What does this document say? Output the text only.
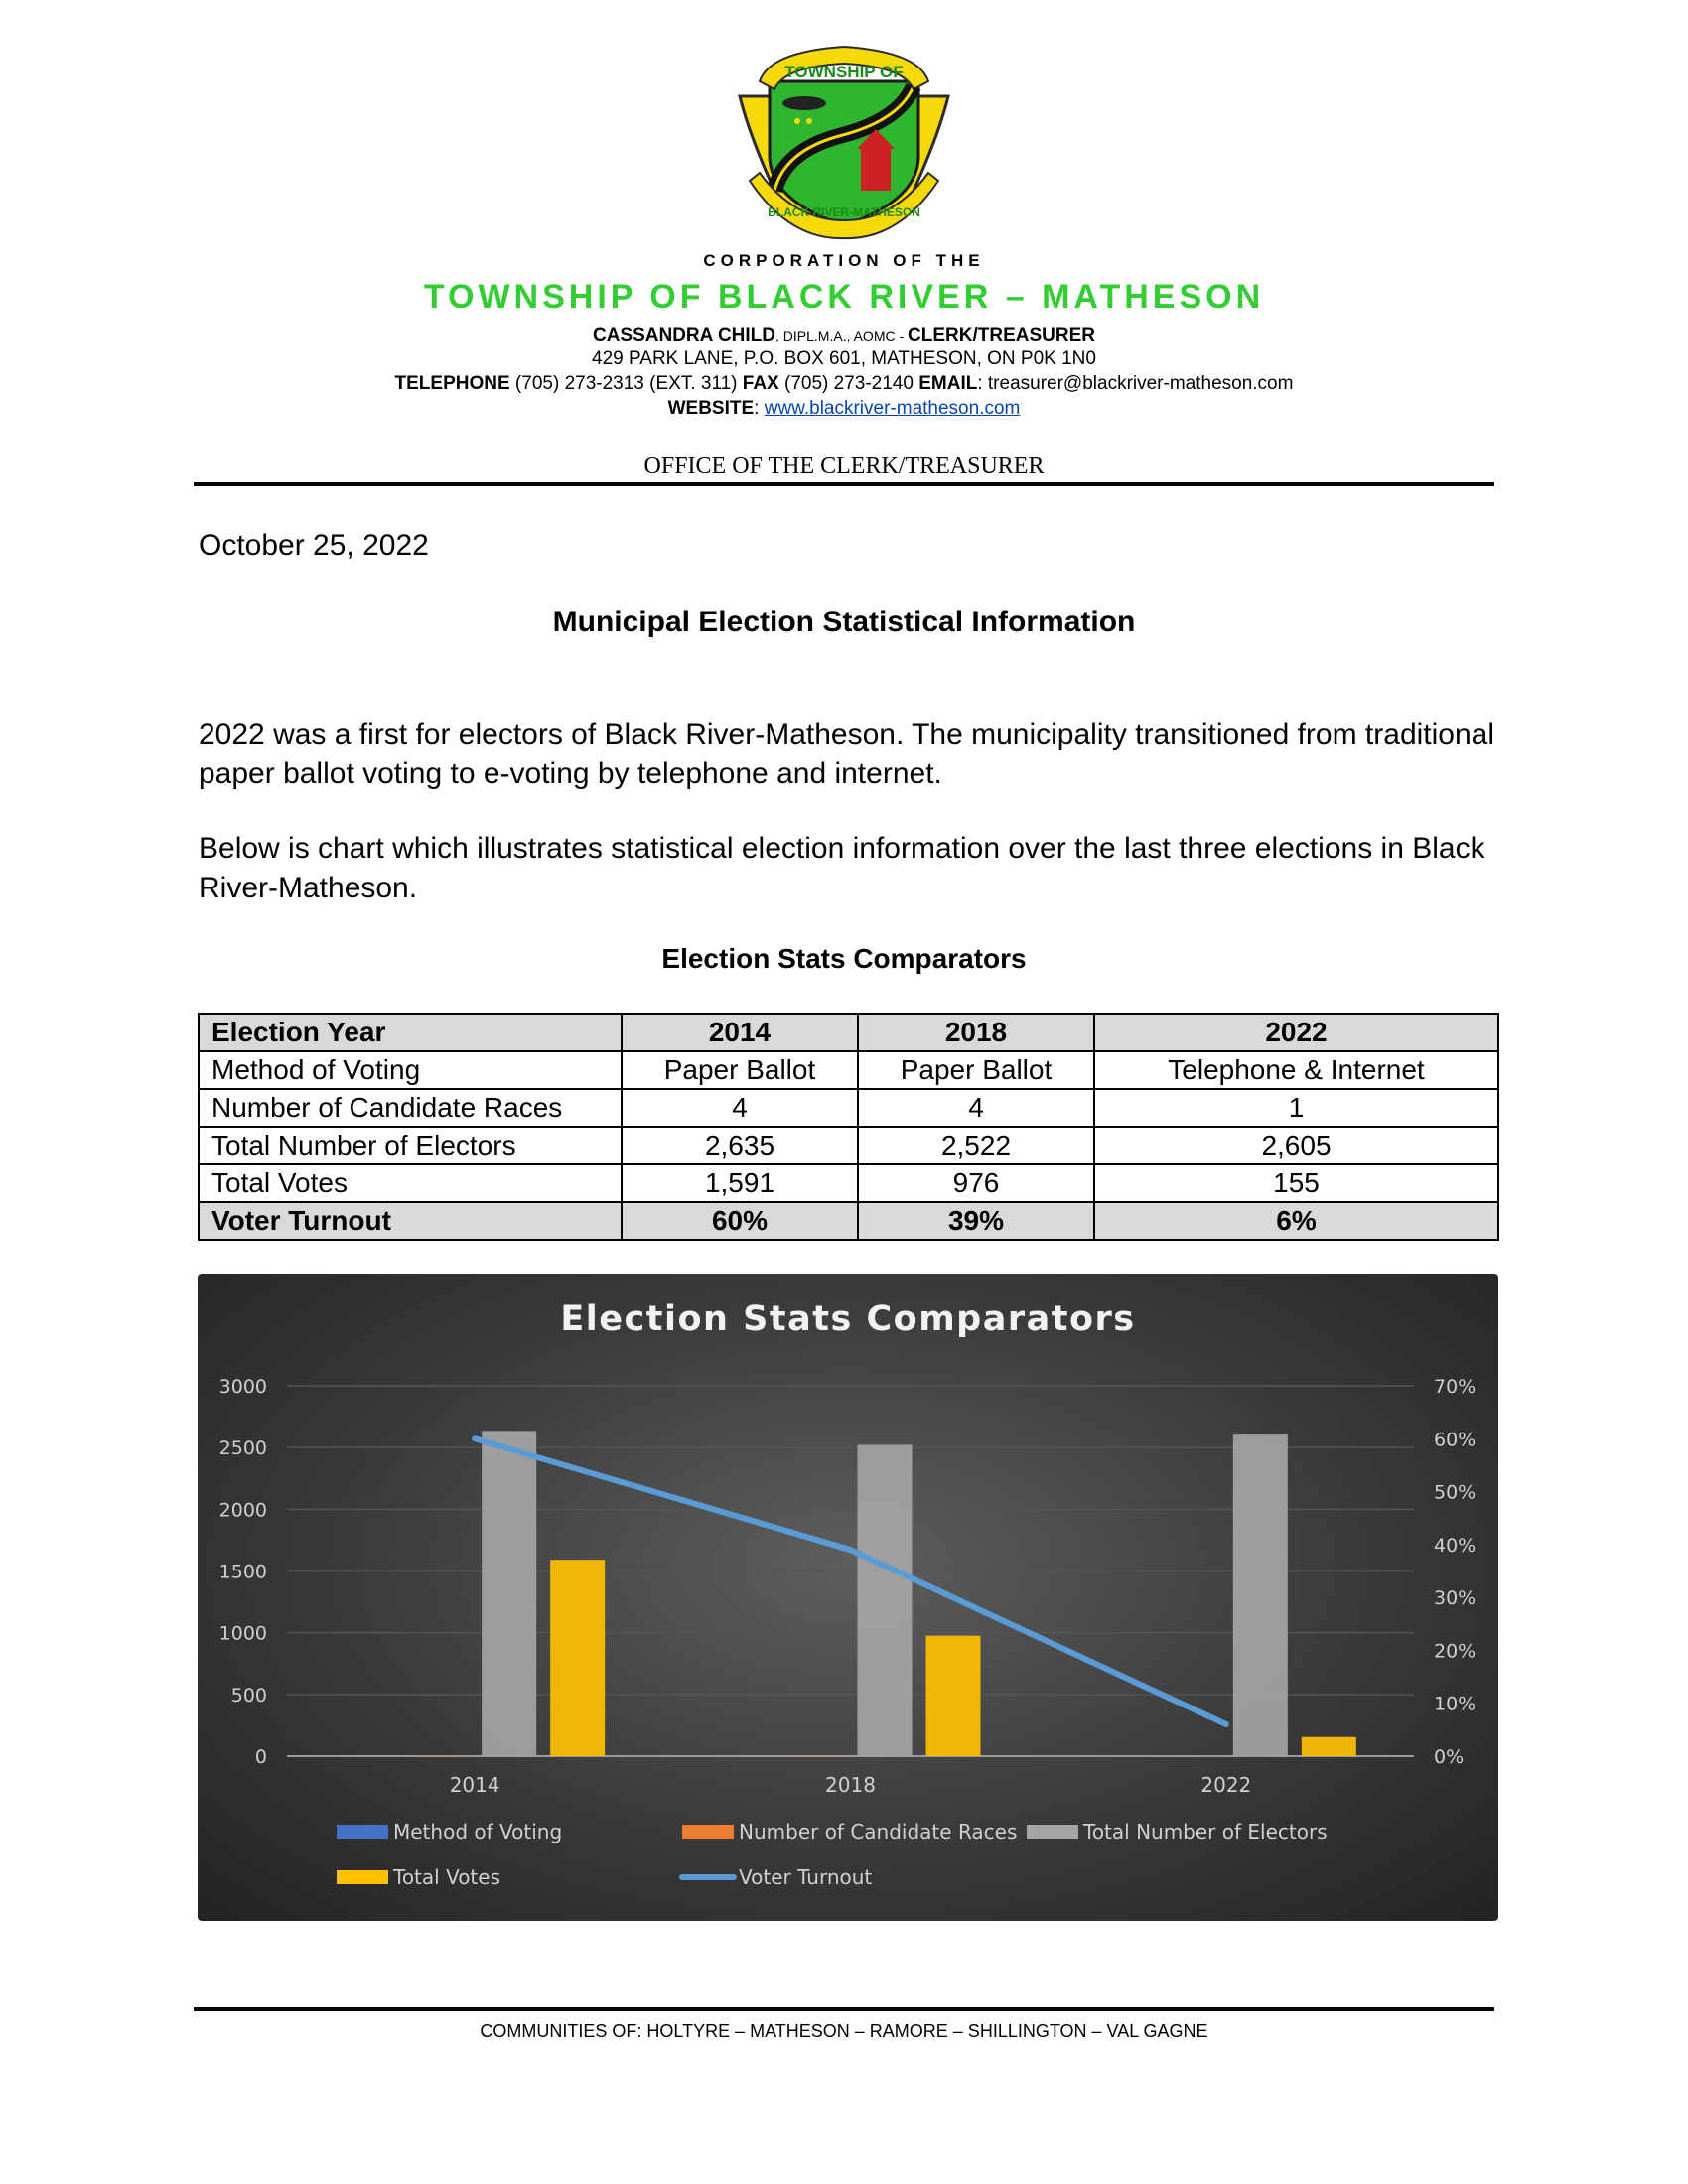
TOWNSHIP OF
BLACK RIVER-MATHESON
CORPORATION OF THE
TOWNSHIP OF BLACK RIVER – MATHESON
CASSANDRA CHILD, DIPL.M.A., AOMC - CLERK/TREASURER
429 PARK LANE, P.O. BOX 601, MATHESON, ON P0K 1N0
TELEPHONE (705) 273-2313 (EXT. 311) FAX (705) 273-2140 EMAIL: treasurer@blackriver-matheson.com
WEBSITE: www.blackriver-matheson.com
OFFICE OF THE CLERK/TREASURER
October 25, 2022
Municipal Election Statistical Information
2022 was a first for electors of Black River-Matheson. The municipality transitioned from traditional paper ballot voting to e-voting by telephone and internet.
Below is chart which illustrates statistical election information over the last three elections in Black River-Matheson.
Election Stats Comparators
Election Year	2014	2018	2022
Method of Voting	Paper Ballot	Paper Ballot	Telephone & Internet
Number of Candidate Races	4	4	1
Total Number of Electors	2,635	2,522	2,605
Total Votes	1,591	976	155
Voter Turnout	60%	39%	6%
Election Stats Comparators
0
500
1000
1500
2000
2500
3000
0%
10%
20%
30%
40%
50%
60%
70%
2014	2018	2022
Method of Voting	Number of Candidate Races	Total Number of Electors
Total Votes	Voter Turnout
COMMUNITIES OF: HOLTYRE – MATHESON – RAMORE – SHILLINGTON – VAL GAGNE
